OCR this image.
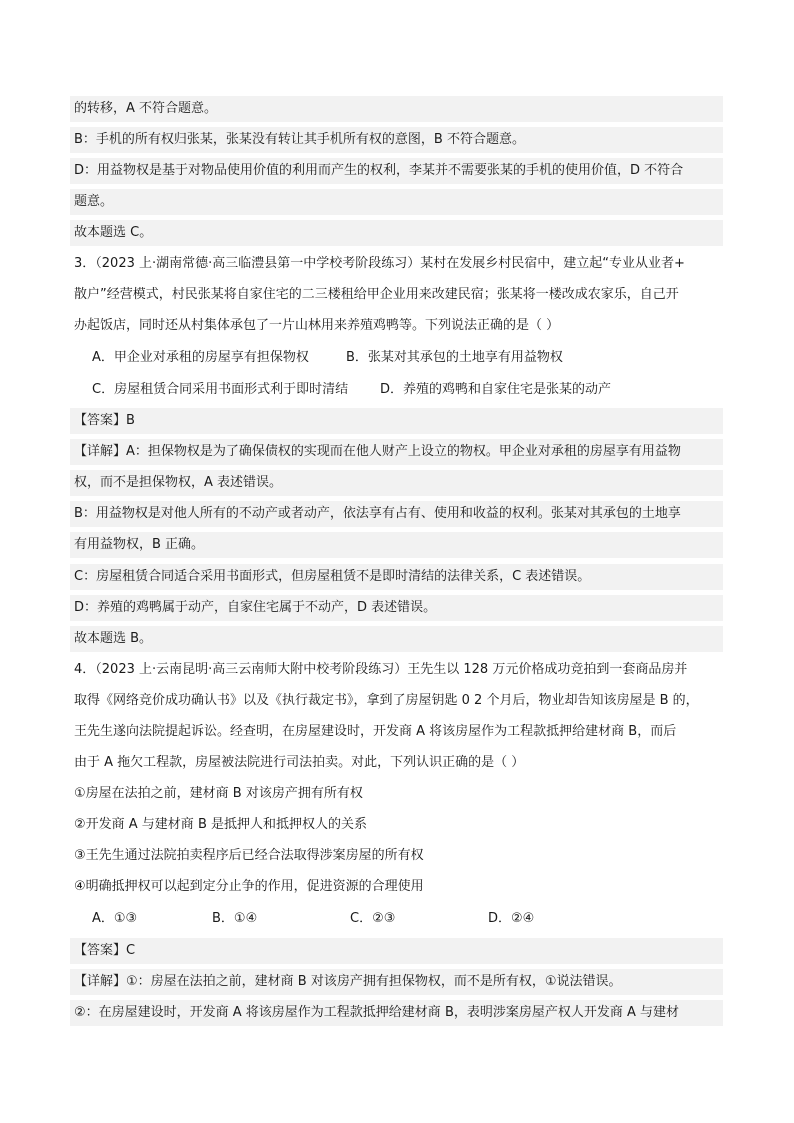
的转移，A 不符合题意。
B：手机的所有权归张某，张某没有转让其手机所有权的意图，B 不符合题意。
D：用益物权是基于对物品使用价值的利用而产生的权利，李某并不需要张某的手机的使用价值，D 不符合
题意。
故本题选 C。
3．（2023 上·湖南常德·高三临澧县第一中学校考阶段练习）某村在发展乡村民宿中，建立起“专业从业者+
散户”经营模式，村民张某将自家住宅的二三楼租给甲企业用来改建民宿；张某将一楼改成农家乐，自己开
办起饭店，同时还从村集体承包了一片山林用来养殖鸡鸭等。下列说法正确的是（ ）
A．甲企业对承租的房屋享有担保物权	B．张某对其承包的土地享有用益物权
C．房屋租赁合同采用书面形式利于即时清结 D．养殖的鸡鸭和自家住宅是张某的动产
【答案】B
【详解】A：担保物权是为了确保债权的实现而在他人财产上设立的物权。甲企业对承租的房屋享有用益物
权，而不是担保物权，A 表述错误。
B：用益物权是对他人所有的不动产或者动产，依法享有占有、使用和收益的权利。张某对其承包的土地享
有用益物权，B 正确。
C：房屋租赁合同适合采用书面形式，但房屋租赁不是即时清结的法律关系，C 表述错误。
D：养殖的鸡鸭属于动产，自家住宅属于不动产，D 表述错误。
故本题选 B。
4．（2023 上·云南昆明·高三云南师大附中校考阶段练习）王先生以 128 万元价格成功竞拍到一套商品房并
取得《网络竞价成功确认书》以及《执行裁定书》，拿到了房屋钥匙 0 2 个月后，物业却告知该房屋是 B 的，
王先生遂向法院提起诉讼。经查明，在房屋建设时，开发商 A 将该房屋作为工程款抵押给建材商 B，而后
由于 A 拖欠工程款，房屋被法院进行司法拍卖。对此，下列认识正确的是（ ）
①房屋在法拍之前，建材商 B 对该房产拥有所有权
②开发商 A 与建材商 B 是抵押人和抵押权人的关系
③王先生通过法院拍卖程序后已经合法取得涉案房屋的所有权
④明确抵押权可以起到定分止争的作用，促进资源的合理使用
A．①③	B．①④	C．②③	D．②④
【答案】C
【详解】①：房屋在法拍之前，建材商 B 对该房产拥有担保物权，而不是所有权，①说法错误。
②：在房屋建设时，开发商 A 将该房屋作为工程款抵押给建材商 B，表明涉案房屋产权人开发商 A 与建材
